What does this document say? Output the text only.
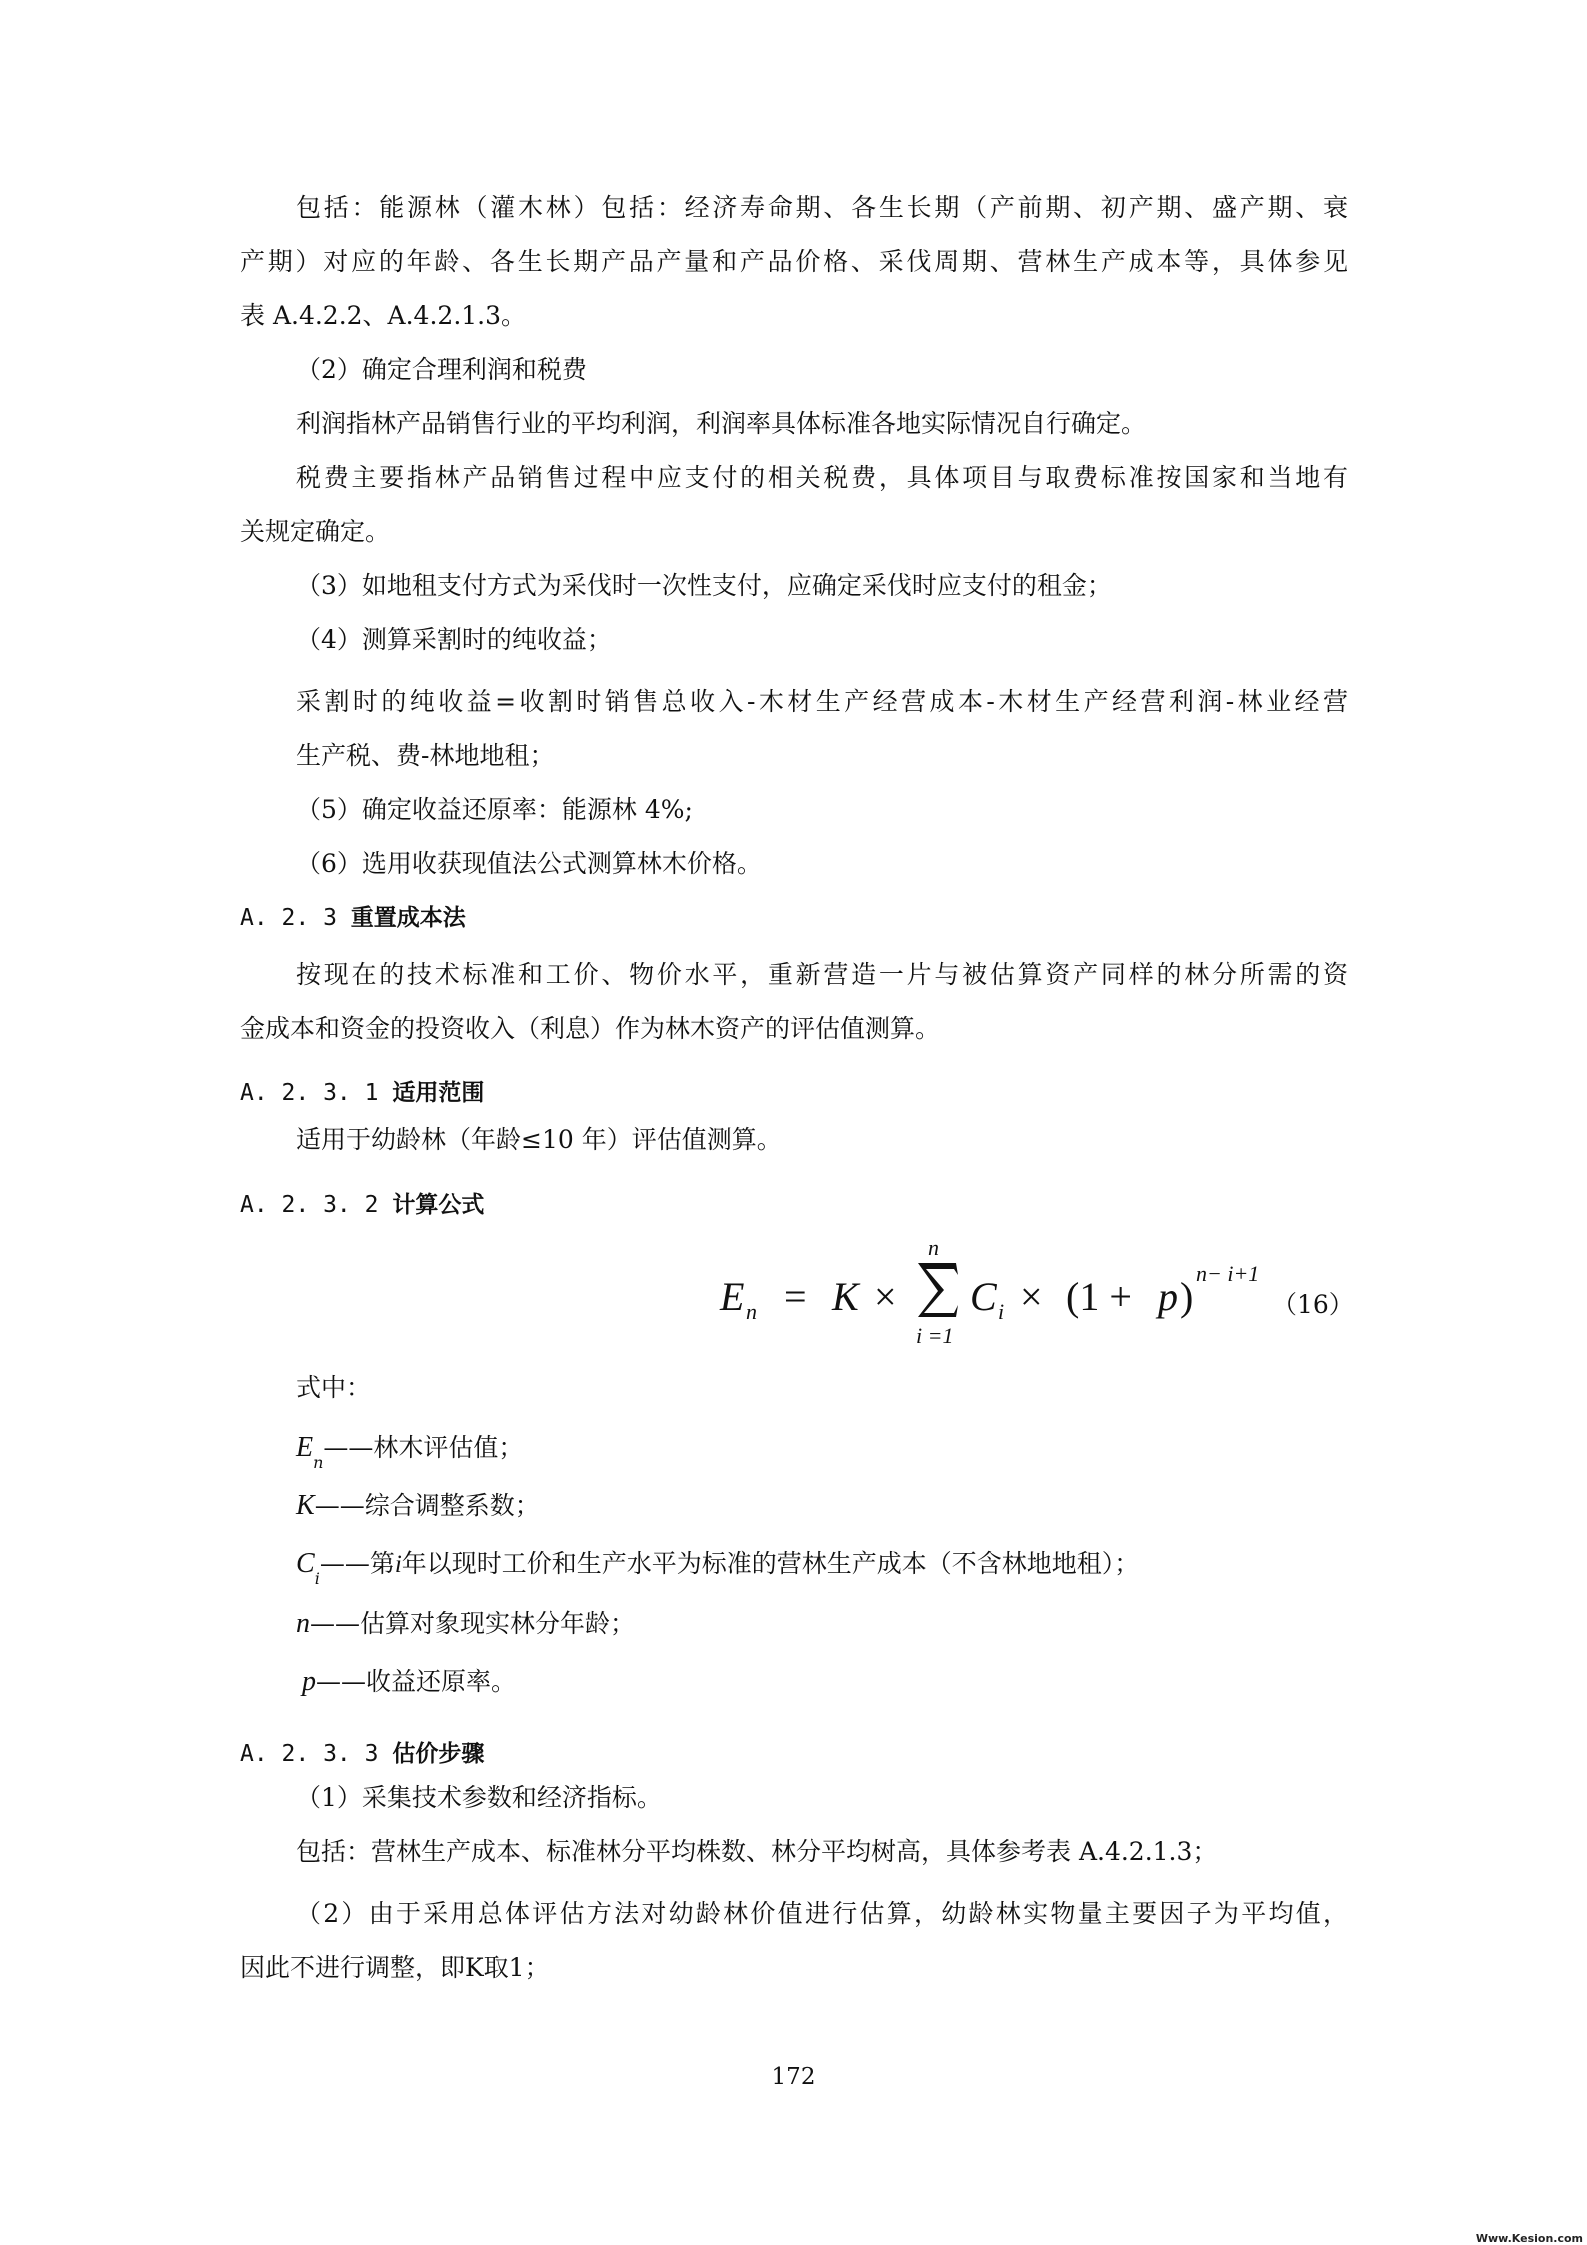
包括：能源林（灌木林）包括：经济寿命期、各生长期（产前期、初产期、盛产期、衰

产期）对应的年龄、各生长期产品产量和产品价格、采伐周期、营林生产成本等，具体参见

表 A.4.2.2、A.4.2.1.3。

（2）确定合理利润和税费

利润指林产品销售行业的平均利润，利润率具体标准各地实际情况自行确定。

税费主要指林产品销售过程中应支付的相关税费，具体项目与取费标准按国家和当地有

关规定确定。

（3）如地租支付方式为采伐时一次性支付，应确定采伐时应支付的租金；

（4）测算采割时的纯收益；

采割时的纯收益=收割时销售总收入-木材生产经营成本-木材生产经营利润-林业经营

生产税、费-林地地租；

（5）确定收益还原率：能源林 4%;

（6）选用收获现值法公式测算林木价格。

A. 2. 3 重置成本法

按现在的技术标准和工价、物价水平，重新营造一片与被估算资产同样的林分所需的资

金成本和资金的投资收入（利息）作为林木资产的评估值测算。

A. 2. 3. 1 适用范围

适用于幼龄林（年龄≤10 年）评估值测算。

A. 2. 3. 2 计算公式
E n = K ×
n
i =1
C i × (1 + p )
n− i+1
（16）
式中：
$E_n——$林木评估值；
K——综合调整系数；
$C_i——$第i年以现时工价和生产水平为标准的营林生产成本（不含林地地租）；
n——估算对象现实林分年龄；
p——收益还原率。
A. 2. 3. 3 估价步骤

（1）采集技术参数和经济指标。

包括：营林生产成本、标准林分平均株数、林分平均树高，具体参考表 A.4.2.1.3；

（2）由于采用总体评估方法对幼龄林价值进行估算，幼龄林实物量主要因子为平均值，

因此不进行调整，即K取1；

172
Www.Kesion.com
